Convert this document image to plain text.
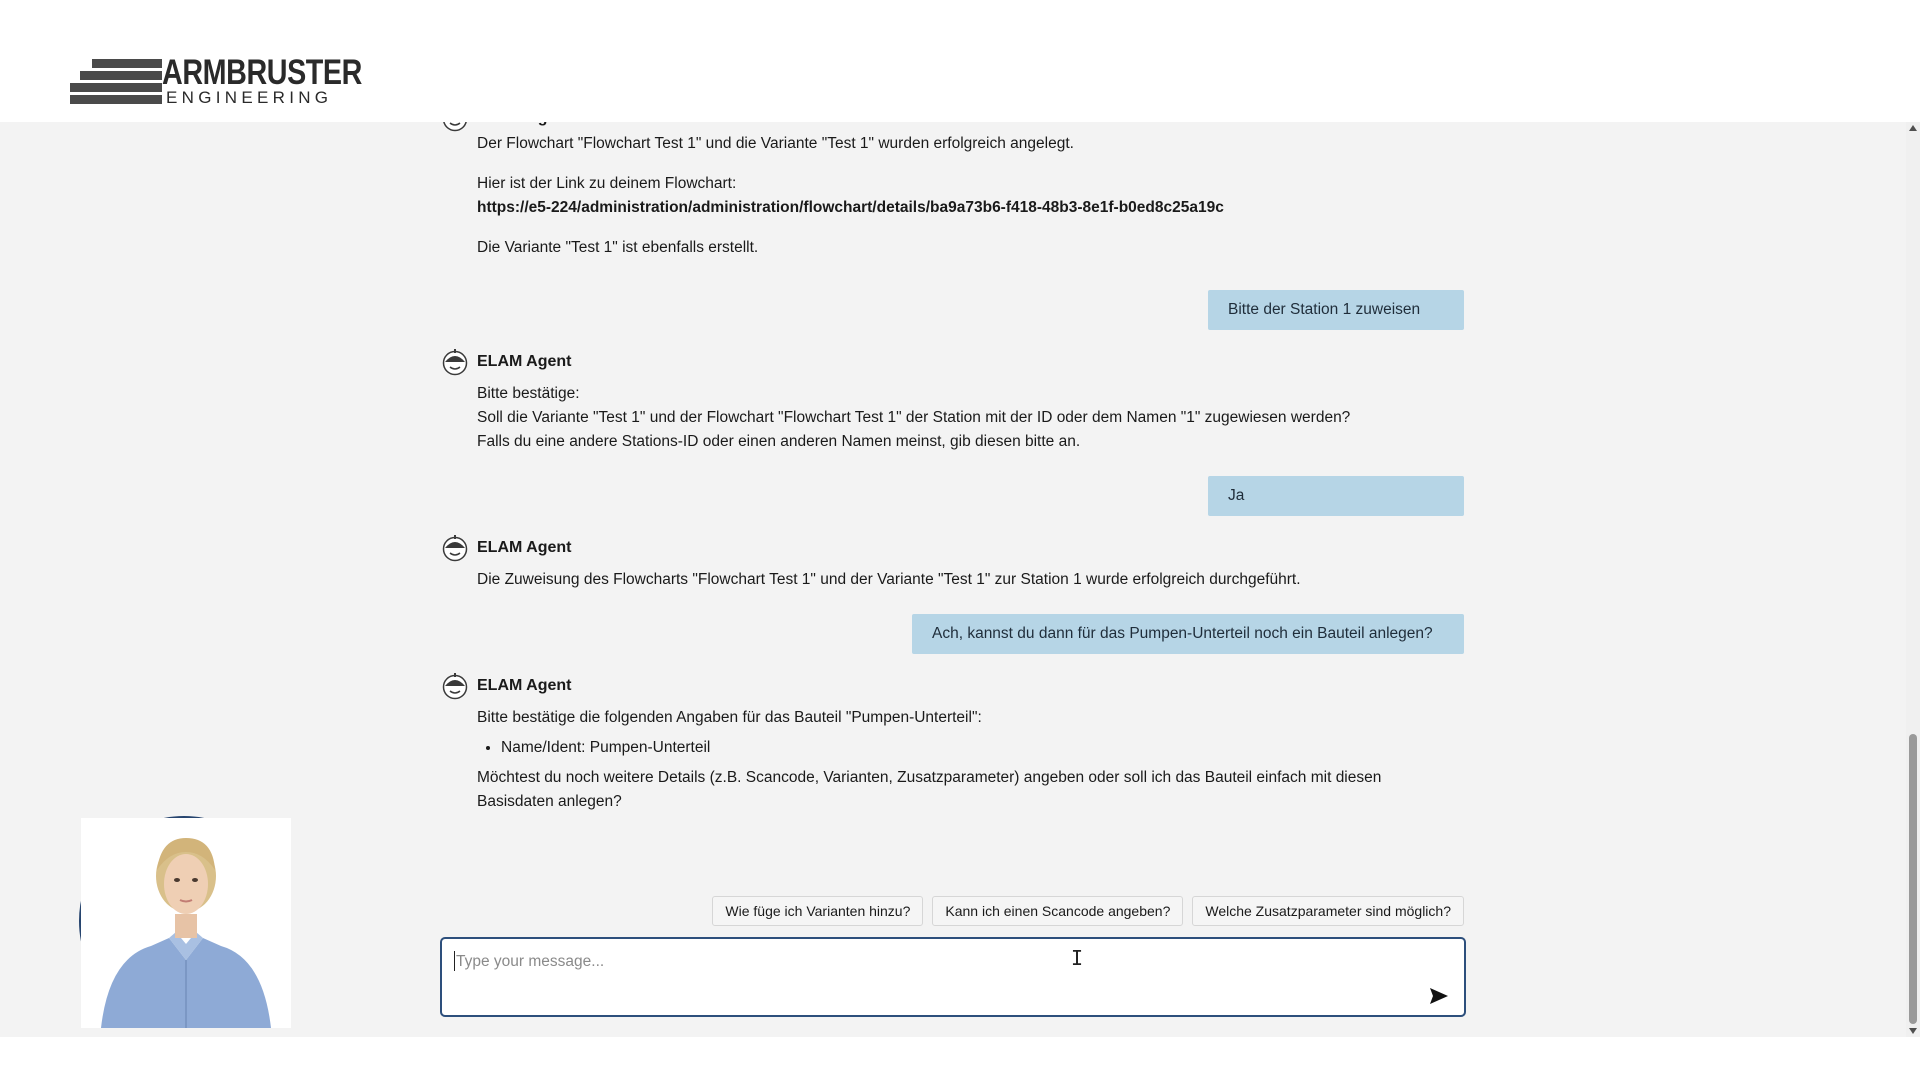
ARMBRUSTER
ENGINEERING

Der Flowchart "Flowchart Test 1" und die Variante "Test 1" wurden erfolgreich angelegt.

Hier ist der Link zu deinem Flowchart:

https://e5-224/administration/administration/flowchart/details/ba9a73b6-f418-48b3-8e1f-b0ed8c25a19c

Die Variante "Test 1" ist ebenfalls erstellt.

Bitte der Station 1 zuweisen
ELAM Agent

Bitte bestätige:

Soll die Variante "Test 1" und der Flowchart "Flowchart Test 1" der Station mit der ID oder dem Namen "1" zugewiesen werden?

Falls du eine andere Stations-ID oder einen anderen Namen meinst, gib diesen bitte an.

Ja
ELAM Agent

Die Zuweisung des Flowcharts "Flowchart Test 1" und der Variante "Test 1" zur Station 1 wurde erfolgreich durchgeführt.

Ach, kannst du dann für das Pumpen-Unterteil noch ein Bauteil anlegen?
ELAM Agent

Bitte bestätige die folgenden Angaben für das Bauteil "Pumpen-Unterteil":

• Name/Ident: Pumpen-Unterteil

Möchtest du noch weitere Details (z.B. Scancode, Varianten, Zusatzparameter) angeben oder soll ich das Bauteil einfach mit diesen Basisdaten anlegen?

Wie füge ich Varianten hinzu?	Kann ich einen Scancode angeben?	Welche Zusatzparameter sind möglich?
Type your message...
I
